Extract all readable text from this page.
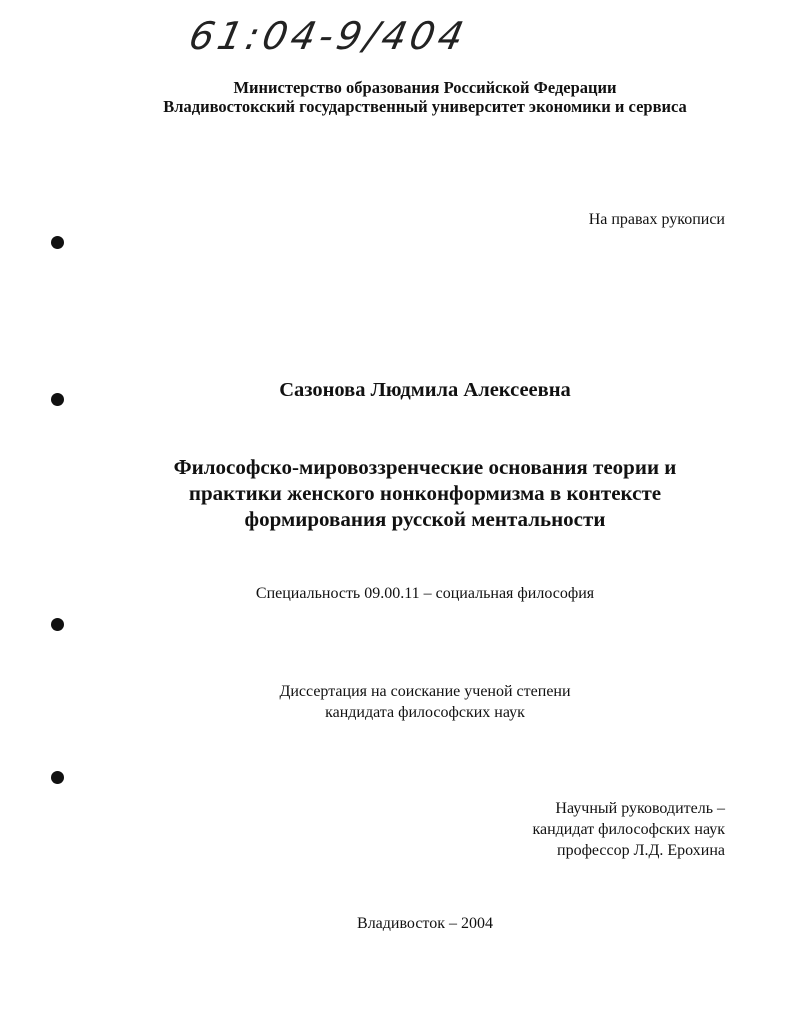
61:04-9/404
Министерство образования Российской Федерации
Владивостокский государственный университет экономики и сервиса
На правах рукописи
Сазонова Людмила Алексеевна
Философско-мировоззренческие основания теории и
практики женского нонконформизма в контексте
формирования русской ментальности
Специальность 09.00.11 – социальная философия
Диссертация на соискание ученой степени
кандидата философских наук
Научный руководитель –
кандидат философских наук
профессор Л.Д. Ерохина
Владивосток – 2004
